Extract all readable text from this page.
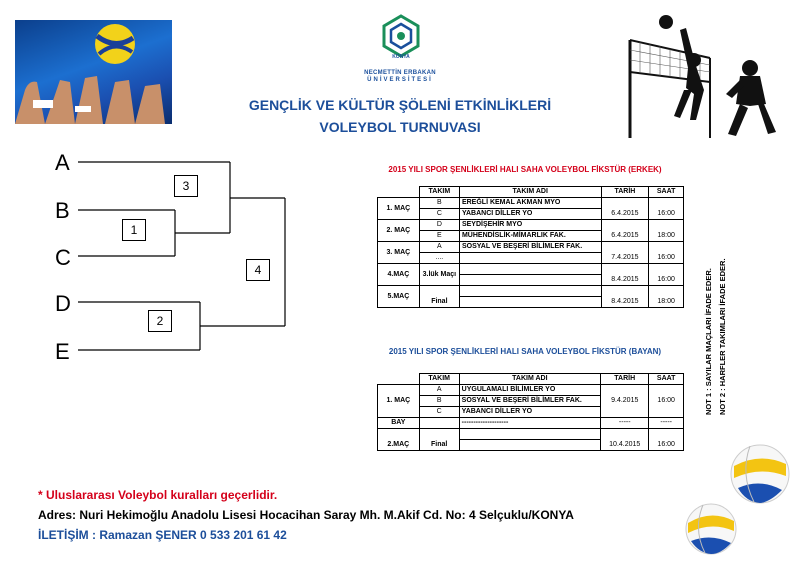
KONYA
NECMETTİN ERBAKAN
ÜNİVERSİTESİ
GENÇLİK VE KÜLTÜR ŞÖLENİ ETKİNLİKLERİ
VOLEYBOL TURNUVASI
A
B
C
D
E
1
2
3
4
2015 YILI SPOR ŞENLİKLERİ HALI SAHA VOLEYBOL FİKSTÜR (ERKEK)
	TAKIM	TAKIM ADI	TARİH	SAAT
1. MAÇ	B	EREĞLİ KEMAL AKMAN MYO	6.4.2015	16:00
	C	YABANCI DİLLER YO		
2. MAÇ	D	SEYDİŞEHİR MYO	6.4.2015	18:00
	E	MÜHENDİSLİK-MİMARLIK FAK.		
3. MAÇ	A	SOSYAL VE BEŞERİ BİLİMLER FAK.	7.4.2015	16:00
	....			
4.MAÇ	3.lük Maçı		8.4.2015	16:00

5.MAÇ	Final		8.4.2015	18:00

2015 YILI SPOR ŞENLİKLERİ HALI SAHA VOLEYBOL FİKSTÜR (BAYAN)
	TAKIM	TAKIM ADI	TARİH	SAAT
1. MAÇ	A	UYGULAMALI BİLİMLER YO	9.4.2015	16:00
	B	SOSYAL VE BEŞERİ BİLİMLER FAK.		
	C	YABANCI DİLLER YO		
BAY		--------------------	-----	-----
2.MAÇ	Final		10.4.2015	16:00

NOT 1 : SAYILAR MAÇLARI İFADE EDER. NOT 2 : HARFLER TAKIMLARI İFADE EDER.
* Uluslararası Voleybol kuralları geçerlidir.
Adres: Nuri Hekimoğlu Anadolu Lisesi Hocacihan Saray Mh. M.Akif Cd. No: 4 Selçuklu/KONYA
İLETİŞİM : Ramazan ŞENER 0 533 201 61 42
